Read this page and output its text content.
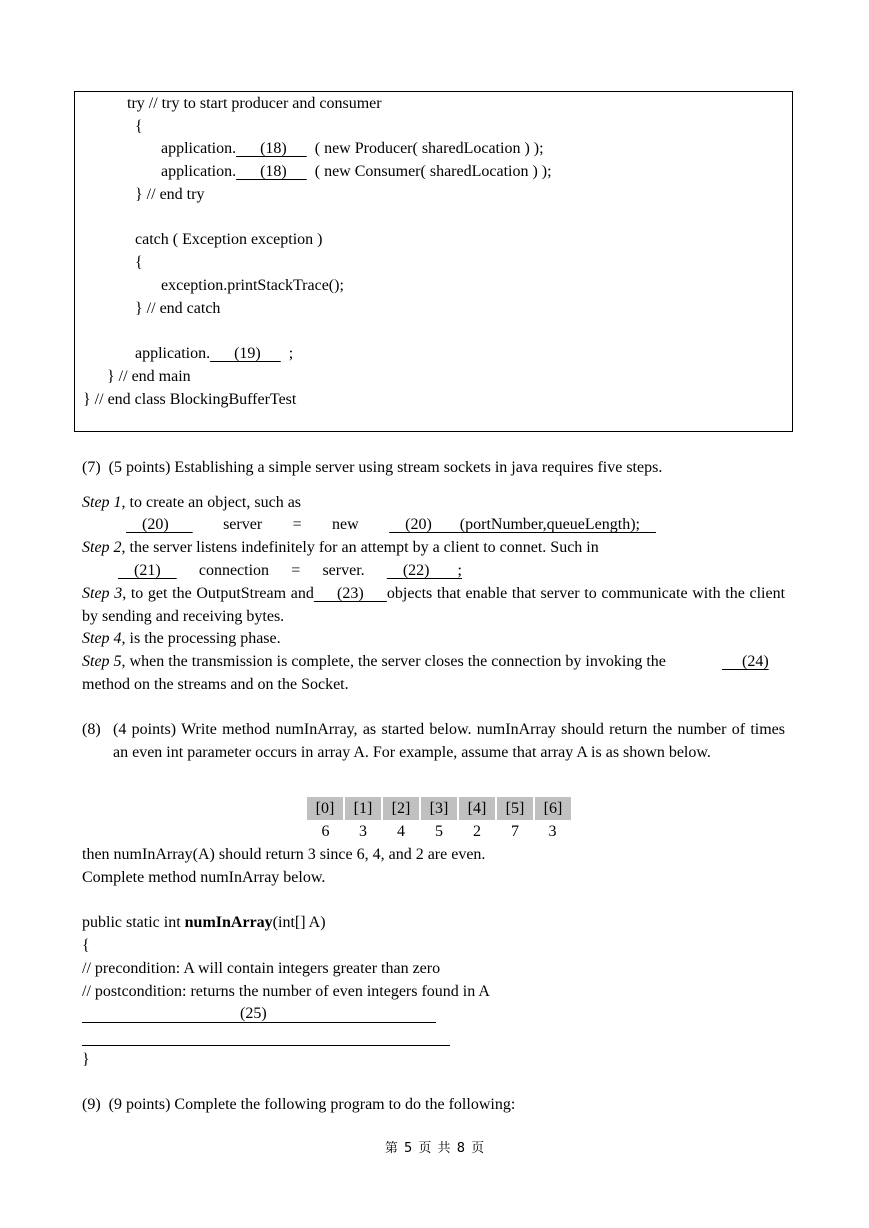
try // try to start producer and consumer
{
application.      (18)       ( new Producer( sharedLocation ) );
application.      (18)       ( new Consumer( sharedLocation ) );
} // end try
catch ( Exception exception )
{
exception.printStackTrace();
} // end catch
application.      (19)       ;
} // end main
} // end class BlockingBufferTest
(7)  (5 points) Establishing a simple server using stream sockets in java requires five steps.
Step 1, to create an object, such as
(20) server = new (20)       (portNumber,queueLength);
Step 2, the server listens indefinitely for an attempt by a client to connet. Such in
(21) connection = server. (22)       ;
Step 3, to get the OutputStream and     (23)     objects that enable that server to communicate with the client by sending and receiving bytes.
Step 4, is the processing phase.
Step 5, when the transmission is complete, the server closes the connection by invoking the	(24)
method on the streams and on the Socket.
(8) (4 points) Write method numInArray, as started below. numInArray should return the number of times an even int parameter occurs in array A. For example, assume that array A is as shown below.
[0]	[1]	[2]	[3]	[4]	[5]	[6]
6	3	4	5	2	7	3
then numInArray(A) should return 3 since 6, 4, and 2 are even.
Complete method numInArray below.
public static int numInArray(int[] A)
{
// precondition: A will contain integers greater than zero
// postcondition: returns the number of even integers found in A
(25)
}
(9)  (9 points) Complete the following program to do the following:
第 5 页 共 8 页
